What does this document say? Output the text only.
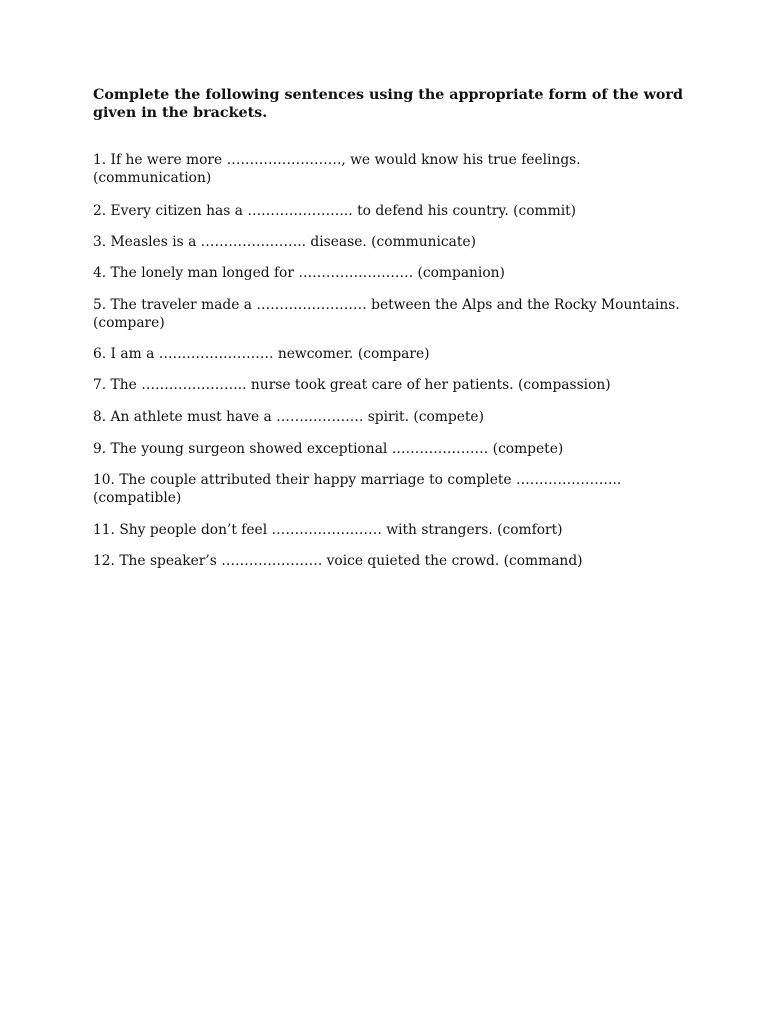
Complete the following sentences using the appropriate form of the word given in the brackets.

1. If he were more ……………………., we would know his true feelings. (communication)

2. Every citizen has a ………………….. to defend his country. (commit)

3. Measles is a ………………….. disease. (communicate)

4. The lonely man longed for ……………………. (companion)

5. The traveler made a …………………… between the Alps and the Rocky Mountains. (compare)

6. I am a ……………………. newcomer. (compare)

7. The ………………….. nurse took great care of her patients. (compassion)

8. An athlete must have a ………………. spirit. (compete)

9. The young surgeon showed exceptional ………………… (compete)

10. The couple attributed their happy marriage to complete ………………….. (compatible)

11. Shy people don’t feel …………………… with strangers. (comfort)

12. The speaker’s …………………. voice quieted the crowd. (command)
